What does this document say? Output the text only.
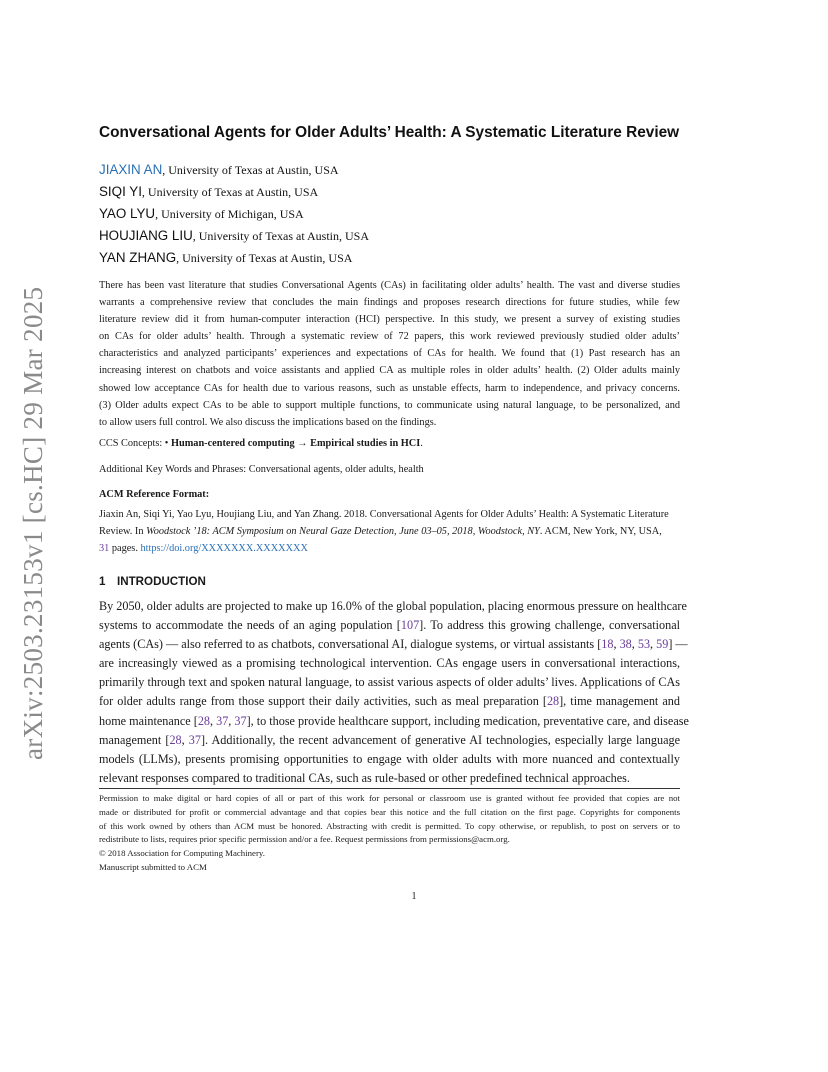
arXiv:2503.23153v1 [cs.HC] 29 Mar 2025
Conversational Agents for Older Adults’ Health: A Systematic Literature Review
JIAXIN AN, University of Texas at Austin, USA
SIQI YI, University of Texas at Austin, USA
YAO LYU, University of Michigan, USA
HOUJIANG LIU, University of Texas at Austin, USA
YAN ZHANG, University of Texas at Austin, USA
There has been vast literature that studies Conversational Agents (CAs) in facilitating older adults’ health. The vast and diverse studies
warrants a comprehensive review that concludes the main findings and proposes research directions for future studies, while few
literature review did it from human-computer interaction (HCI) perspective. In this study, we present a survey of existing studies
on CAs for older adults’ health. Through a systematic review of 72 papers, this work reviewed previously studied older adults’
characteristics and analyzed participants’ experiences and expectations of CAs for health. We found that (1) Past research has an
increasing interest on chatbots and voice assistants and applied CA as multiple roles in older adults’ health. (2) Older adults mainly
showed low acceptance CAs for health due to various reasons, such as unstable effects, harm to independence, and privacy concerns.
(3) Older adults expect CAs to be able to support multiple functions, to communicate using natural language, to be personalized, and
to allow users full control. We also discuss the implications based on the findings.
CCS Concepts: • Human-centered computing → Empirical studies in HCI.
Additional Key Words and Phrases: Conversational agents, older adults, health
ACM Reference Format:
Jiaxin An, Siqi Yi, Yao Lyu, Houjiang Liu, and Yan Zhang. 2018. Conversational Agents for Older Adults’ Health: A Systematic Literature
Review. In Woodstock ’18: ACM Symposium on Neural Gaze Detection, June 03–05, 2018, Woodstock, NY. ACM, New York, NY, USA,
31 pages. https://doi.org/XXXXXXX.XXXXXXX
1 INTRODUCTION
By 2050, older adults are projected to make up 16.0% of the global population, placing enormous pressure on healthcare
systems to accommodate the needs of an aging population [107]. To address this growing challenge, conversational
agents (CAs) — also referred to as chatbots, conversational AI, dialogue systems, or virtual assistants [18, 38, 53, 59] —
are increasingly viewed as a promising technological intervention. CAs engage users in conversational interactions,
primarily through text and spoken natural language, to assist various aspects of older adults’ lives. Applications of CAs
for older adults range from those support their daily activities, such as meal preparation [28], time management and
home maintenance [28, 37, 37], to those provide healthcare support, including medication, preventative care, and disease
management [28, 37]. Additionally, the recent advancement of generative AI technologies, especially large language
models (LLMs), presents promising opportunities to engage with older adults with more nuanced and contextually
relevant responses compared to traditional CAs, such as rule-based or other predefined technical approaches.
Permission to make digital or hard copies of all or part of this work for personal or classroom use is granted without fee provided that copies are not
made or distributed for profit or commercial advantage and that copies bear this notice and the full citation on the first page. Copyrights for components
of this work owned by others than ACM must be honored. Abstracting with credit is permitted. To copy otherwise, or republish, to post on servers or to
redistribute to lists, requires prior specific permission and/or a fee. Request permissions from permissions@acm.org.
© 2018 Association for Computing Machinery.
Manuscript submitted to ACM
1
